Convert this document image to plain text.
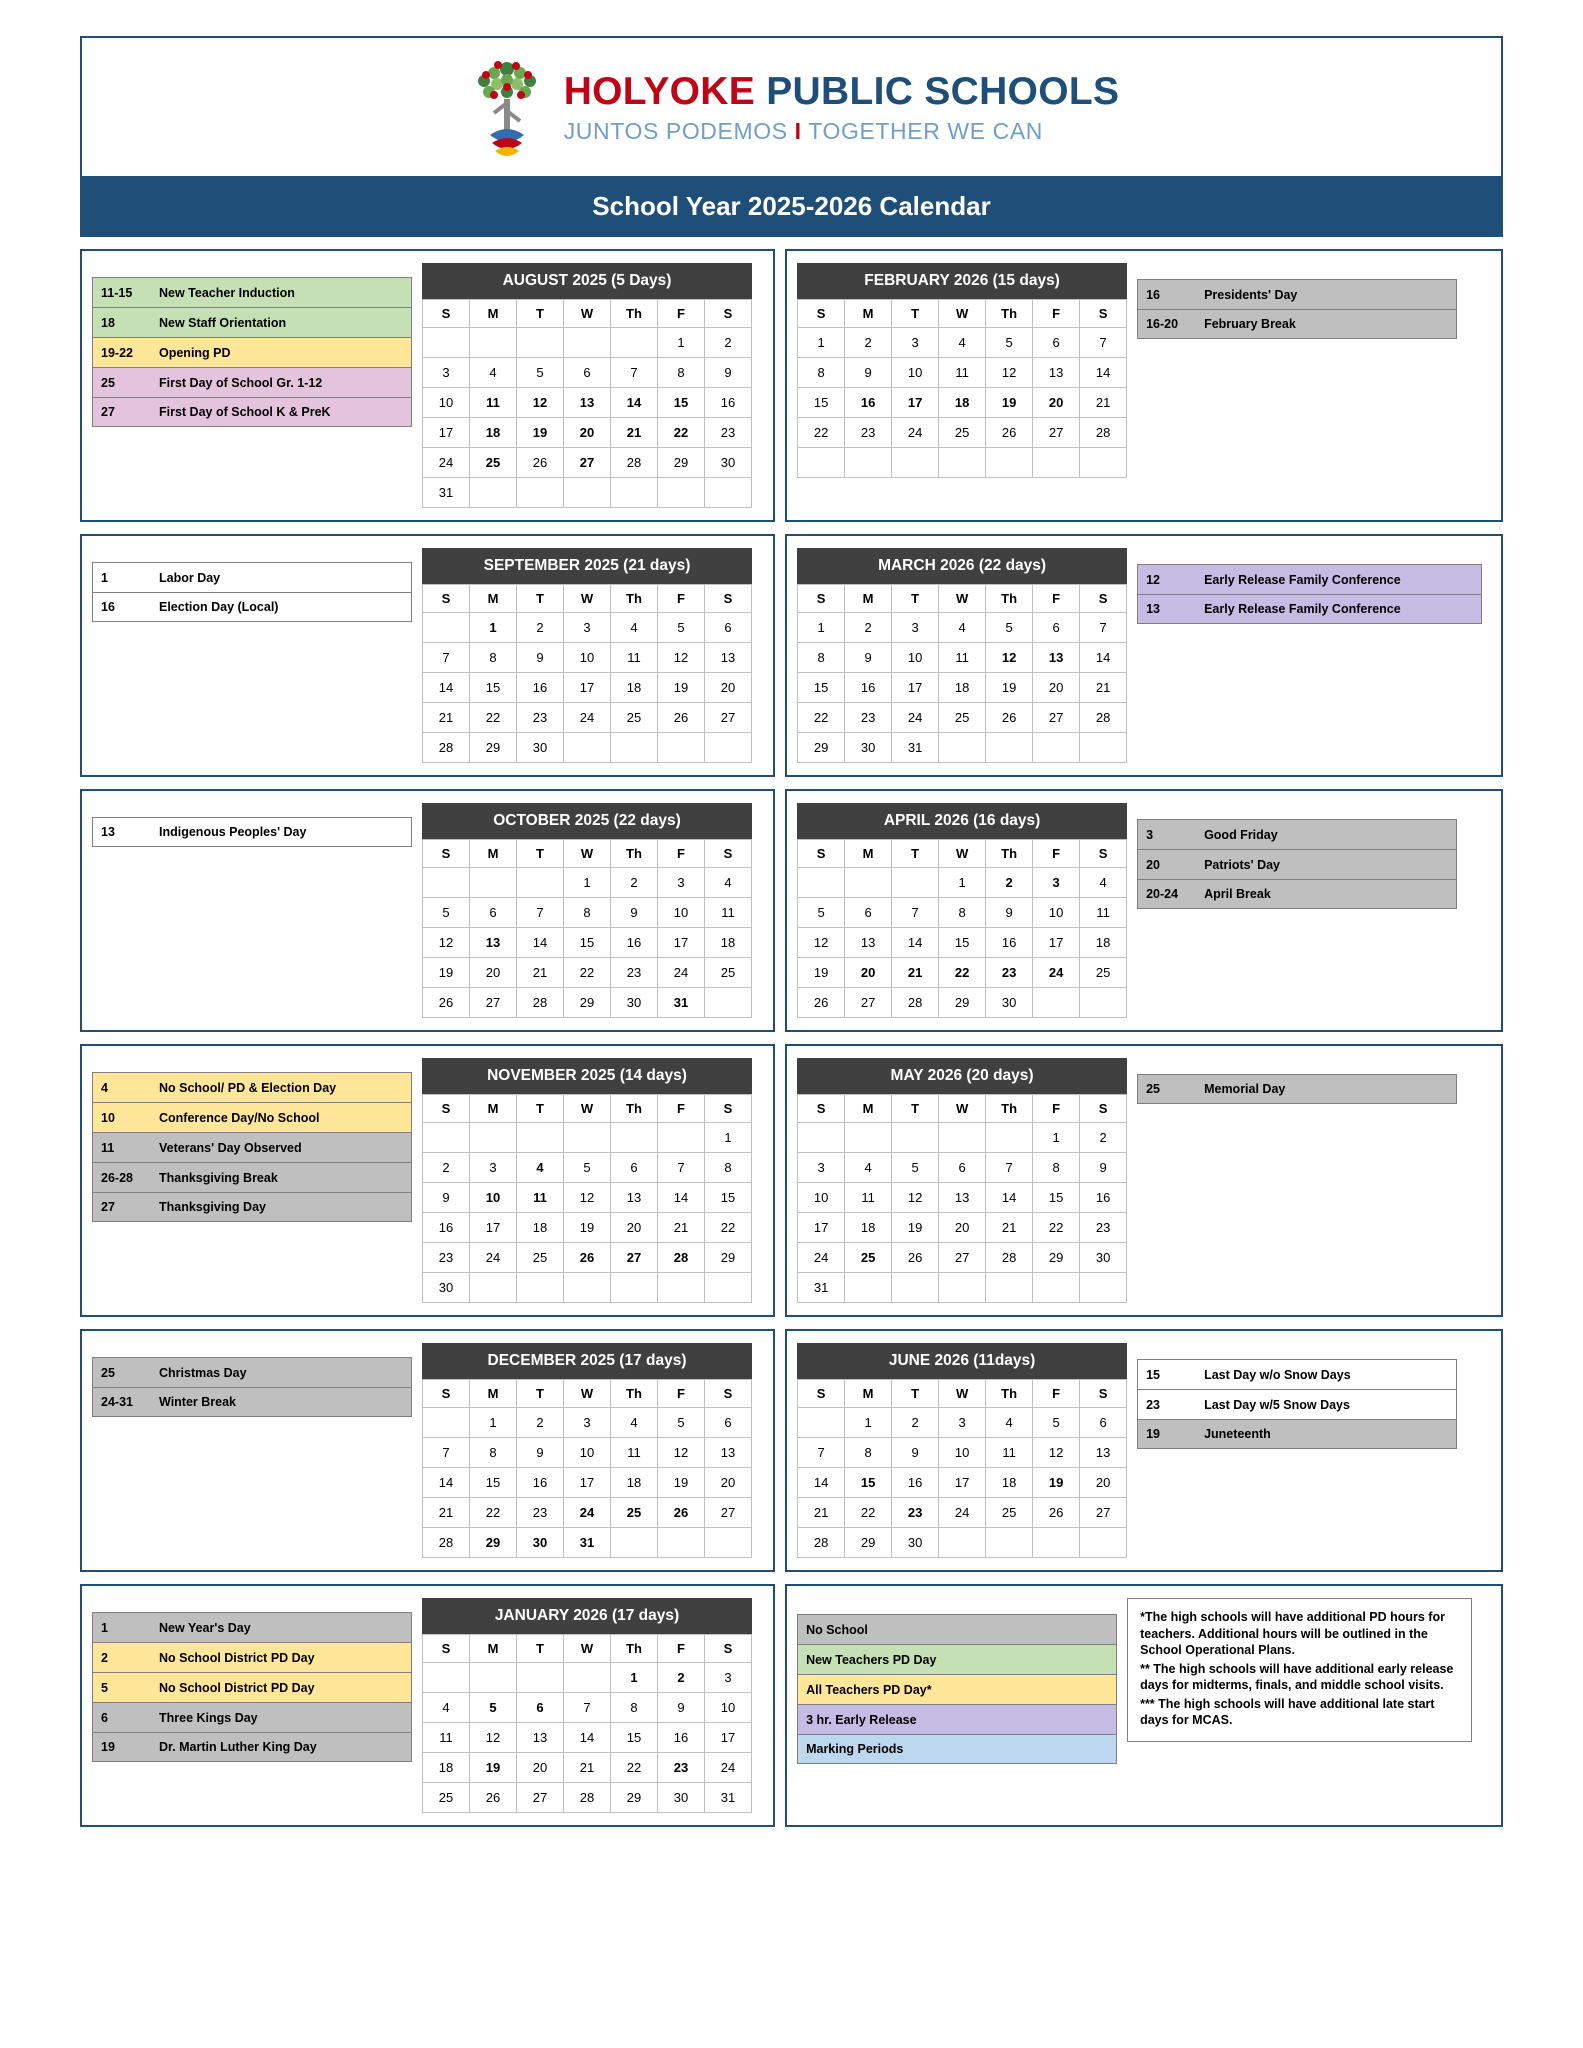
HOLYOKE PUBLIC SCHOOLS
JUNTOS PODEMOS I TOGETHER WE CAN
School Year 2025-2026 Calendar
11-15	New Teacher Induction
18	New Staff Orientation
19-22	Opening PD
25	First Day of School Gr. 1-12
27	First Day of School K & PreK
AUGUST 2025 (5 Days)
S	M	T	W	Th	F	S
					1	2
3	4	5	6	7	8	9
10	11	12	13	14	15	16
17	18	19	20	21	22	23
24	25	26	27	28	29	30
31						
FEBRUARY 2026 (15 days)
S	M	T	W	Th	F	S
1	2	3	4	5	6	7
8	9	10	11	12	13	14
15	16	17	18	19	20	21
22	23	24	25	26	27	28

16	Presidents' Day
16-20	February Break
1	Labor Day
16	Election Day (Local)
SEPTEMBER 2025 (21 days)
S	M	T	W	Th	F	S
	1	2	3	4	5	6
7	8	9	10	11	12	13
14	15	16	17	18	19	20
21	22	23	24	25	26	27
28	29	30				
MARCH 2026 (22 days)
S	M	T	W	Th	F	S
1	2	3	4	5	6	7
8	9	10	11	12	13	14
15	16	17	18	19	20	21
22	23	24	25	26	27	28
29	30	31				
12	Early Release Family Conference
13	Early Release Family Conference
13	Indigenous Peoples' Day
OCTOBER 2025 (22 days)
S	M	T	W	Th	F	S
			1	2	3	4
5	6	7	8	9	10	11
12	13	14	15	16	17	18
19	20	21	22	23	24	25
26	27	28	29	30	31	
APRIL 2026 (16 days)
S	M	T	W	Th	F	S
			1	2	3	4
5	6	7	8	9	10	11
12	13	14	15	16	17	18
19	20	21	22	23	24	25
26	27	28	29	30		
3	Good Friday
20	Patriots' Day
20-24	April Break
4	No School/ PD & Election Day
10	Conference Day/No School
11	Veterans' Day Observed
26-28	Thanksgiving Break
27	Thanksgiving Day
NOVEMBER 2025 (14 days)
S	M	T	W	Th	F	S
						1
2	3	4	5	6	7	8
9	10	11	12	13	14	15
16	17	18	19	20	21	22
23	24	25	26	27	28	29
30						
MAY 2026 (20 days)
S	M	T	W	Th	F	S
					1	2
3	4	5	6	7	8	9
10	11	12	13	14	15	16
17	18	19	20	21	22	23
24	25	26	27	28	29	30
31						
25	Memorial Day
25	Christmas Day
24-31	Winter Break
DECEMBER 2025 (17 days)
S	M	T	W	Th	F	S
	1	2	3	4	5	6
7	8	9	10	11	12	13
14	15	16	17	18	19	20
21	22	23	24	25	26	27
28	29	30	31			
JUNE 2026 (11days)
S	M	T	W	Th	F	S
	1	2	3	4	5	6
7	8	9	10	11	12	13
14	15	16	17	18	19	20
21	22	23	24	25	26	27
28	29	30				
15	Last Day w/o Snow Days
23	Last Day w/5 Snow Days
19	Juneteenth
1	New Year's Day
2	No School District PD Day
5	No School District PD Day
6	Three Kings Day
19	Dr. Martin Luther King Day
JANUARY 2026 (17 days)
S	M	T	W	Th	F	S
				1	2	3
4	5	6	7	8	9	10
11	12	13	14	15	16	17
18	19	20	21	22	23	24
25	26	27	28	29	30	31
No School
New Teachers PD Day
All Teachers PD Day*
3 hr. Early Release
Marking Periods

*The high schools will have additional PD hours for teachers. Additional hours will be outlined in the School Operational Plans.

** The high schools will have additional early release days for midterms, finals, and middle school visits.

*** The high schools will have additional late start days for MCAS.
